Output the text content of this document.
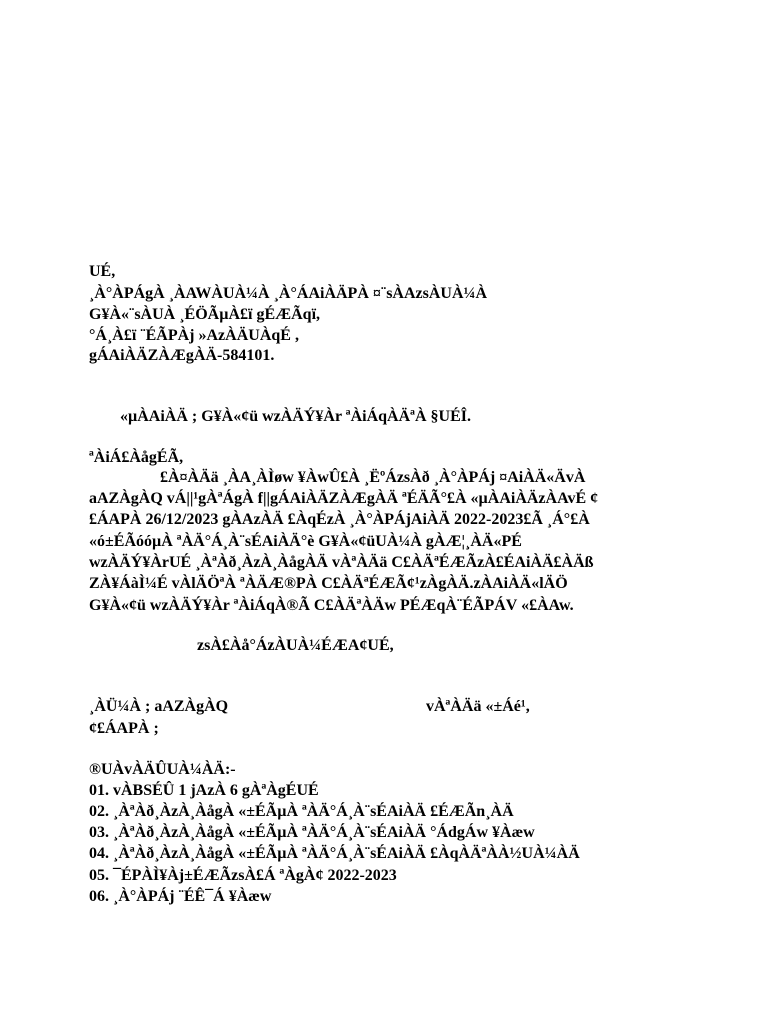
UÉ,
¸À°ÀPÁgÀ ¸ÀAWÀUÀ¼À ¸À°ÁAiÀÄPÀ ¤¨sÀAzsÀUÀ¼À
G¥À«¨sÀUÀ ¸ÉÖÃµÀ£ï gÉÆÃqï,
°Á¸À£ï ¨ÉÃPÀj »AzÀÄUÀqÉ ,
gÁAiÀÄZÀÆgÀÄ-584101.
«µÀAiÀÄ ; G¥À«¢ü wzÀÄÝ¥Àr ªÀiÁqÀÄªÀ §UÉÎ.
ªÀiÁ£ÀågÉÃ,
£À¤ÀÄä ¸ÀA¸ÀÌøw ¥ÀwÛ£À ¸ËºÁzsÀð ¸À°ÀPÁj ¤AiÀÄ«ÄvÀ
aAZÀgÀQ vÁ||¹gÀªÁgÀ f||gÁAiÀÄZÀÆgÀÄ ªÉÄÃ°£À «µÀAiÀÄzÀAvÉ ¢
£ÁAPÀ 26/12/2023 gÀAzÀÄ £ÀqÉzÀ ¸À°ÀPÁjAiÀÄ 2022-2023£Ã ¸Á°£À
«ó±ÉÃóóµÀ ªÀÄ°Á¸À¨sÉAiÀÄ°è G¥À«¢üUÀ¼À gÀÆ¦¸ÀÄ«PÉ
wzÀÄÝ¥ÀrUÉ ¸ÀªÀð¸ÀzÀ¸ÀågÀÄ vÀªÀÄä C£ÀÄªÉÆÃzÀ£ÉAiÀÄ£ÀÄß
ZÀ¥ÁàÌ¼É vÀlÄÖªÀ ªÀÄÆ®PÀ C£ÀÄªÉÆÃ¢¹zÀgÀÄ.zÀAiÀÄ«lÄÖ
G¥À«¢ü wzÀÄÝ¥Àr ªÀiÁqÀ®Ã C£ÀÄªÀÄw PÉÆqÀ¨ÉÃPÁV «£ÀAw.
zsÀ£Àå°ÁzÀUÀ¼ÉÆA¢UÉ,
¸ÀÜ¼À ; aAZÀgÀQ	vÀªÀÄä «±Áé¹,
¢£ÁAPÀ ;
®UÀvÀÄÛUÀ¼ÀÄ:-
01. vÀBSÉÛ 1 jAzÀ 6 gÀªÀgÉUÉ
02. ¸ÀªÀð¸ÀzÀ¸ÀågÀ «±ÉÃµÀ ªÀÄ°Á¸À¨sÉAiÀÄ £ÉÆÃn¸ÀÄ
03. ¸ÀªÀð¸ÀzÀ¸ÀågÀ «±ÉÃµÀ ªÀÄ°Á¸À¨sÉAiÀÄ °ÁdgÁw ¥Àæw
04. ¸ÀªÀð¸ÀzÀ¸ÀågÀ «±ÉÃµÀ ªÀÄ°Á¸À¨sÉAiÀÄ £ÀqÀÄªÀÀ½UÀ¼ÀÄ
05. ¯ÉPÀÌ¥Àj±ÉÆÃzsÀ£Á ªÀgÀ¢ 2022-2023
06. ¸À°ÀPÁj ¨ÉÊ¯Á ¥Àæw
